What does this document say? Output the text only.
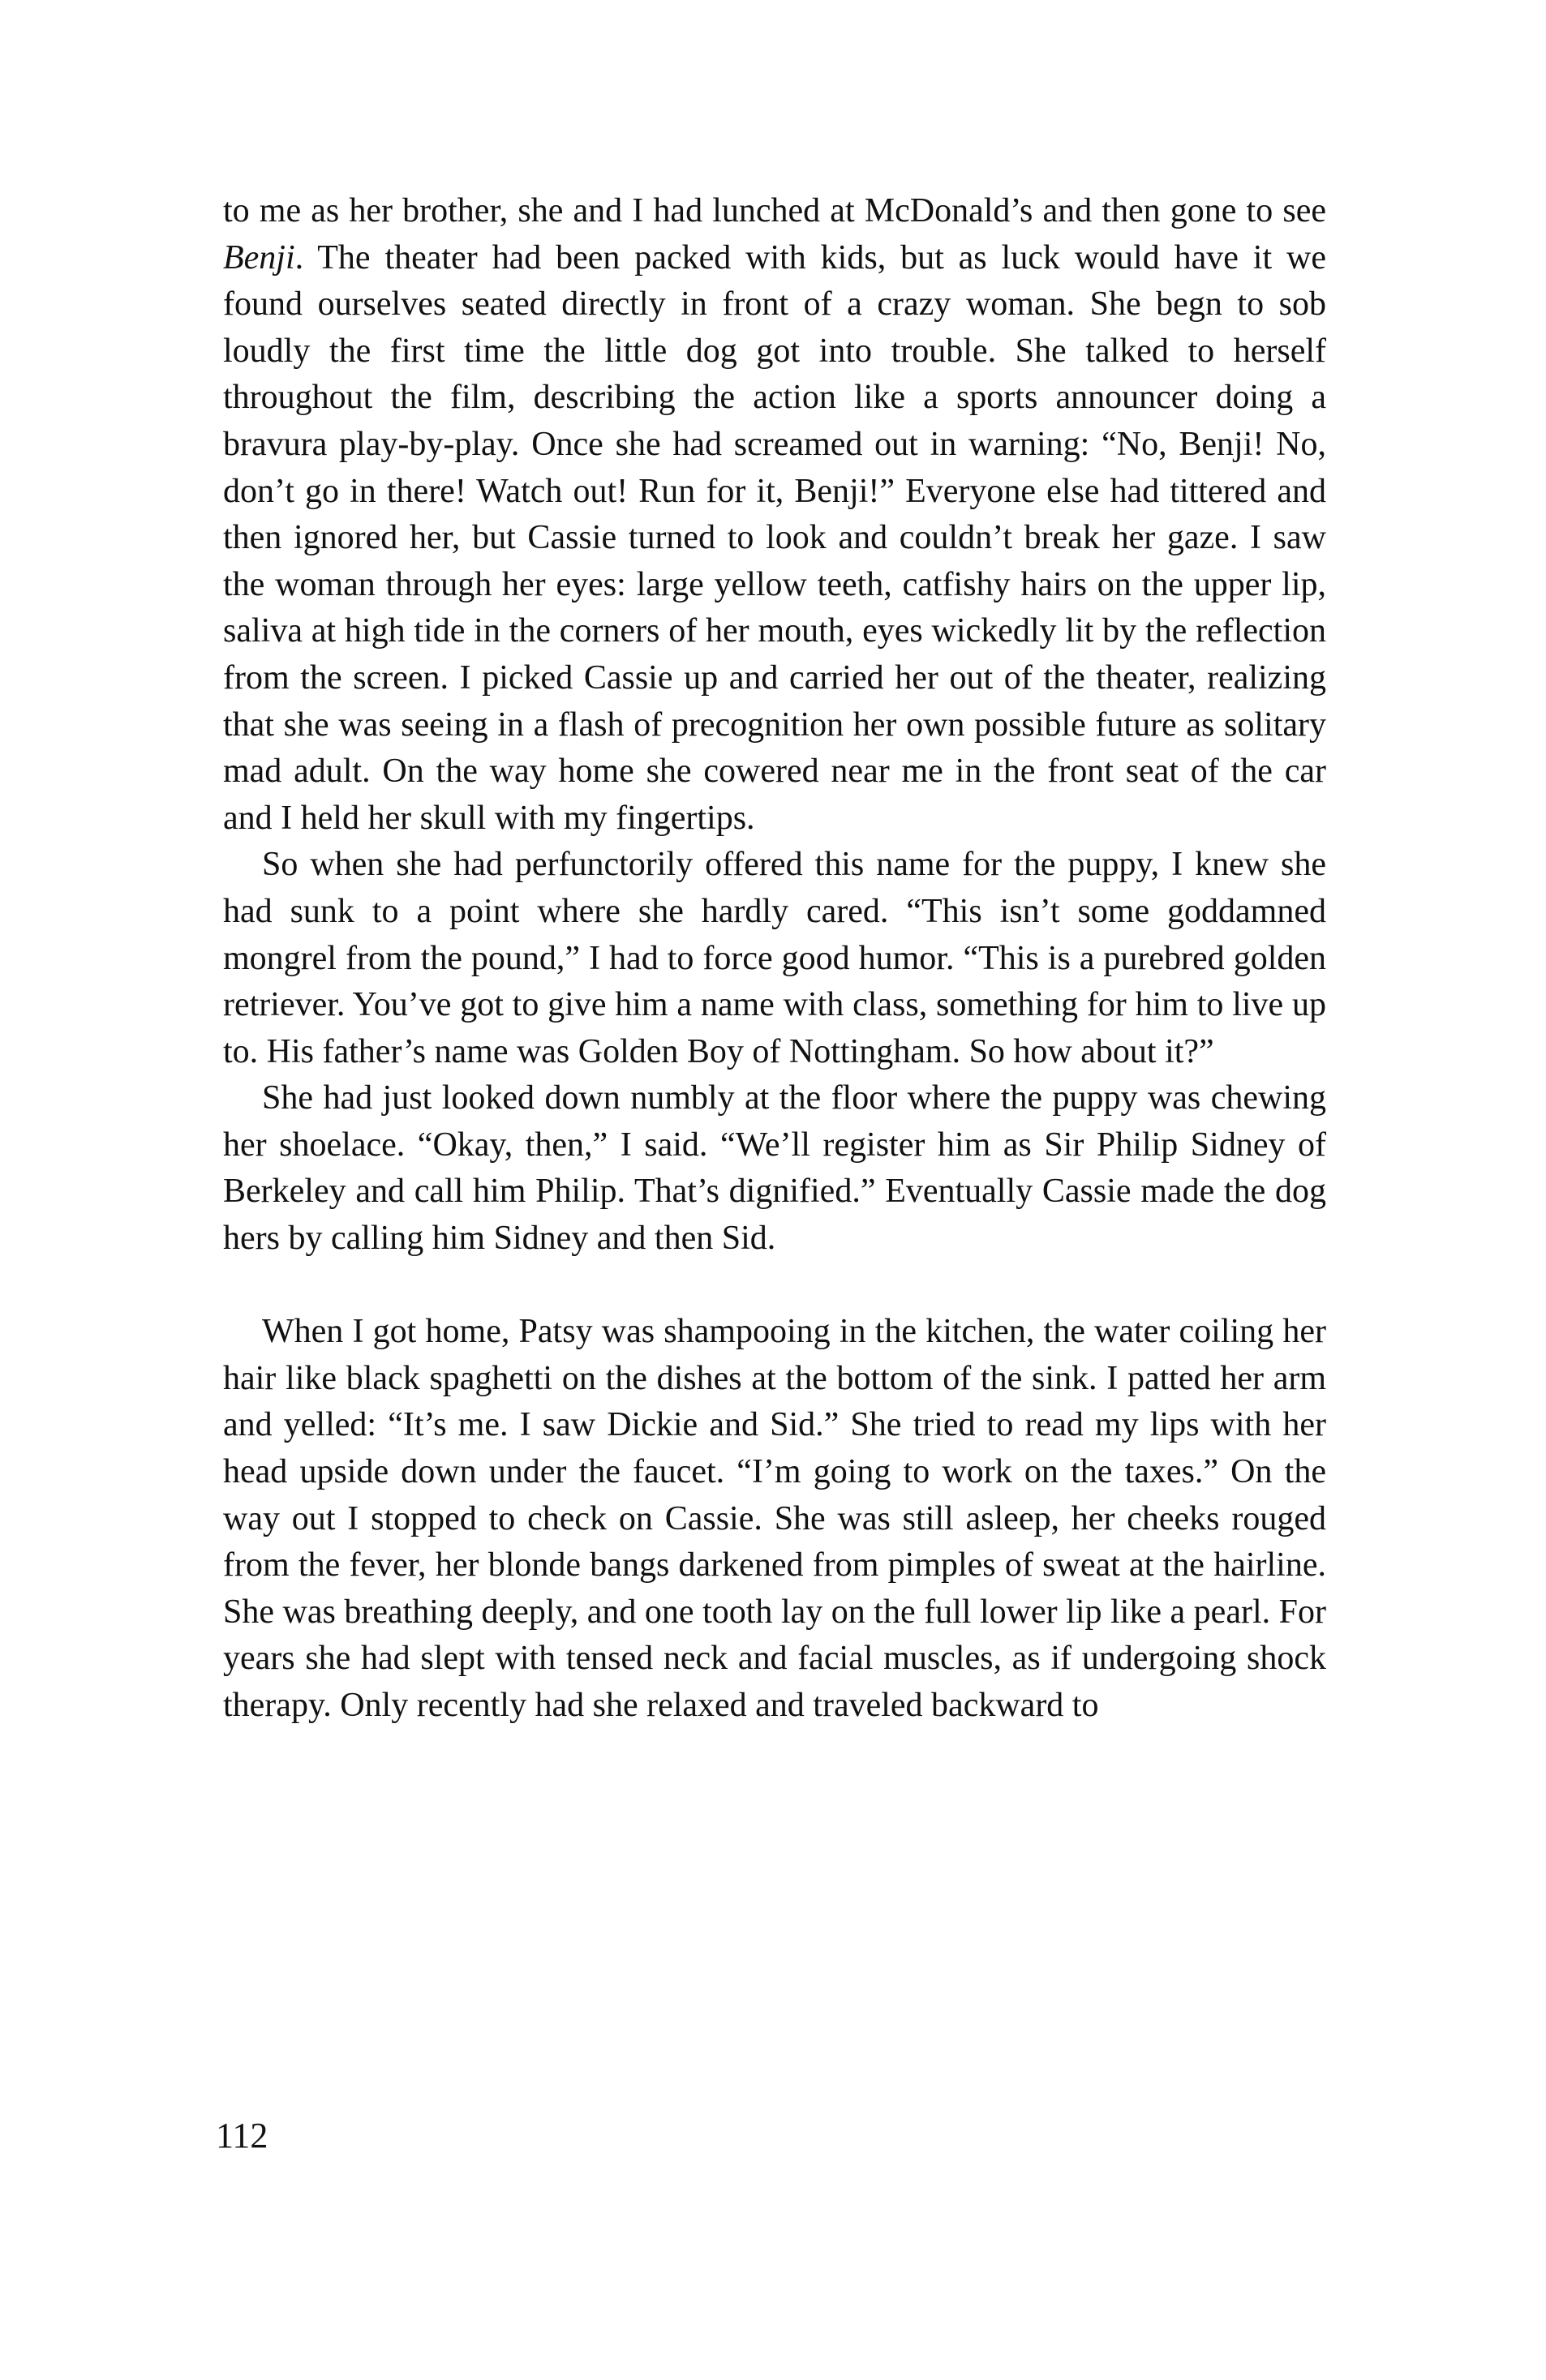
to me as her brother, she and I had lunched at McDonald’s and then gone to see Benji. The theater had been packed with kids, but as luck would have it we found ourselves seated directly in front of a crazy woman. She begn to sob loudly the first time the little dog got into trouble. She talked to herself throughout the film, describing the action like a sports announcer doing a bravura play-by-play. Once she had screamed out in warning: “No, Benji! No, don’t go in there! Watch out! Run for it, Benji!” Everyone else had tittered and then ignored her, but Cassie turned to look and couldn’t break her gaze. I saw the woman through her eyes: large yellow teeth, catfishy hairs on the upper lip, saliva at high tide in the corners of her mouth, eyes wickedly lit by the reflection from the screen. I picked Cassie up and carried her out of the theater, realizing that she was seeing in a flash of precognition her own possible future as solitary mad adult. On the way home she cowered near me in the front seat of the car and I held her skull with my fingertips.

So when she had perfunctorily offered this name for the puppy, I knew she had sunk to a point where she hardly cared. “This isn’t some goddamned mongrel from the pound,” I had to force good humor. “This is a purebred golden retriever. You’ve got to give him a name with class, something for him to live up to. His father’s name was Golden Boy of Nottingham. So how about it?”

She had just looked down numbly at the floor where the puppy was chewing her shoelace. “Okay, then,” I said. “We’ll register him as Sir Philip Sidney of Berkeley and call him Philip. That’s dignified.” Eventually Cassie made the dog hers by calling him Sidney and then Sid.

When I got home, Patsy was shampooing in the kitchen, the water coiling her hair like black spaghetti on the dishes at the bottom of the sink. I patted her arm and yelled: “It’s me. I saw Dickie and Sid.” She tried to read my lips with her head upside down under the faucet. “I’m going to work on the taxes.” On the way out I stopped to check on Cassie. She was still asleep, her cheeks rouged from the fever, her blonde bangs darkened from pimples of sweat at the hairline. She was breathing deeply, and one tooth lay on the full lower lip like a pearl. For years she had slept with tensed neck and facial muscles, as if undergoing shock therapy. Only recently had she relaxed and traveled backward to

112
